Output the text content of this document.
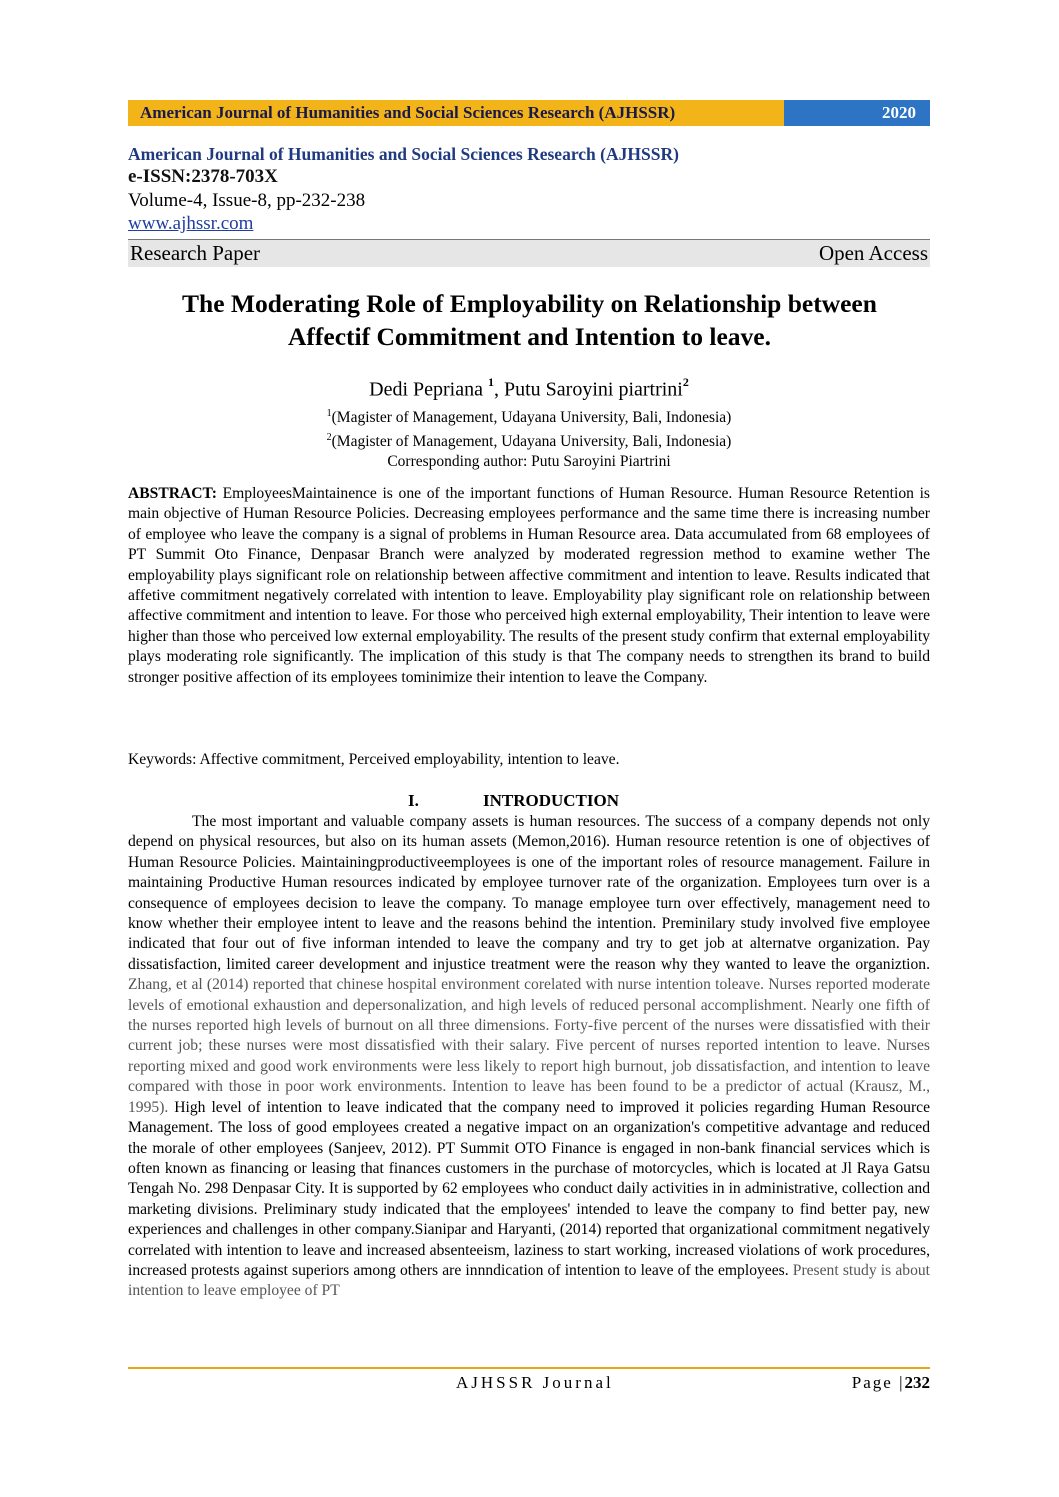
American Journal of Humanities and Social Sciences Research (AJHSSR)	2020
American Journal of Humanities and Social Sciences Research (AJHSSR)
e-ISSN:2378-703X
Volume-4, Issue-8, pp-232-238
www.ajhssr.com
Research Paper	Open Access
The Moderating Role of Employability on Relationship between
Affectif Commitment and Intention to leave.
Dedi Pepriana $^1$, Putu Saroyini piartrini$^2$
$^1$(Magister of Management, Udayana University, Bali, Indonesia)
$^2$(Magister of Management, Udayana University, Bali, Indonesia)
Corresponding author: Putu Saroyini Piartrini
ABSTRACT: EmployeesMaintainence is one of the important functions of Human Resource. Human Resource Retention is main objective of Human Resource Policies. Decreasing employees performance and the same time there is increasing number of employee who leave the company is a signal of problems in Human Resource area. Data accumulated from 68 employees of PT Summit Oto Finance, Denpasar Branch were analyzed by moderated regression method to examine wether The employability plays significant role on relationship between affective commitment and intention to leave. Results indicated that affetive commitment negatively correlated with intention to leave. Employability play significant role on relationship between affective commitment and intention to leave. For those who perceived high external employability, Their intention to leave were higher than those who perceived low external employability. The results of the present study confirm that external employability plays moderating role significantly. The implication of this study is that The company needs to strengthen its brand to build stronger positive affection of its employees tominimize their intention to leave the Company.
Keywords: Affective commitment, Perceived employability, intention to leave.
I.	INTRODUCTION

The most important and valuable company assets is human resources. The success of a company depends not only depend on physical resources, but also on its human assets (Memon,2016). Human resource retention is one of objectives of Human Resource Policies. Maintainingproductiveemployees is one of the important roles of resource management. Failure in maintaining Productive Human resources indicated by employee turnover rate of the organization. Employees turn over is a consequence of employees decision to leave the company. To manage employee turn over effectively, management need to know whether their employee intent to leave and the reasons behind the intention. Preminilary study involved five employee indicated that four out of five informan intended to leave the company and try to get job at alternatve organization. Pay dissatisfaction, limited career development and injustice treatment were the reason why they wanted to leave the organiztion. Zhang, et al (2014) reported that chinese hospital environment corelated with nurse intention toleave. Nurses reported moderate levels of emotional exhaustion and depersonalization, and high levels of reduced personal accomplishment. Nearly one fifth of the nurses reported high levels of burnout on all three dimensions. Forty-five percent of the nurses were dissatisfied with their current job; these nurses were most dissatisfied with their salary. Five percent of nurses reported intention to leave. Nurses reporting mixed and good work environments were less likely to report high burnout, job dissatisfaction, and intention to leave compared with those in poor work environments. Intention to leave has been found to be a predictor of actual (Krausz, M., 1995). High level of intention to leave indicated that the company need to improved it policies regarding Human Resource Management. The loss of good employees created a negative impact on an organization's competitive advantage and reduced the morale of other employees (Sanjeev, 2012). PT Summit OTO Finance is engaged in non-bank financial services which is often known as financing or leasing that finances customers in the purchase of motorcycles, which is located at Jl Raya Gatsu Tengah No. 298 Denpasar City. It is supported by 62 employees who conduct daily activities in in administrative, collection and marketing divisions. Preliminary study indicated that the employees' intended to leave the company to find better pay, new experiences and challenges in other company.Sianipar and Haryanti, (2014) reported that organizational commitment negatively correlated with intention to leave and increased absenteeism, laziness to start working, increased violations of work procedures, increased protests against superiors among others are innndication of intention to leave of the employees. Present study is about intention to leave employee of PT

AJHSSR Journal	Page |232
